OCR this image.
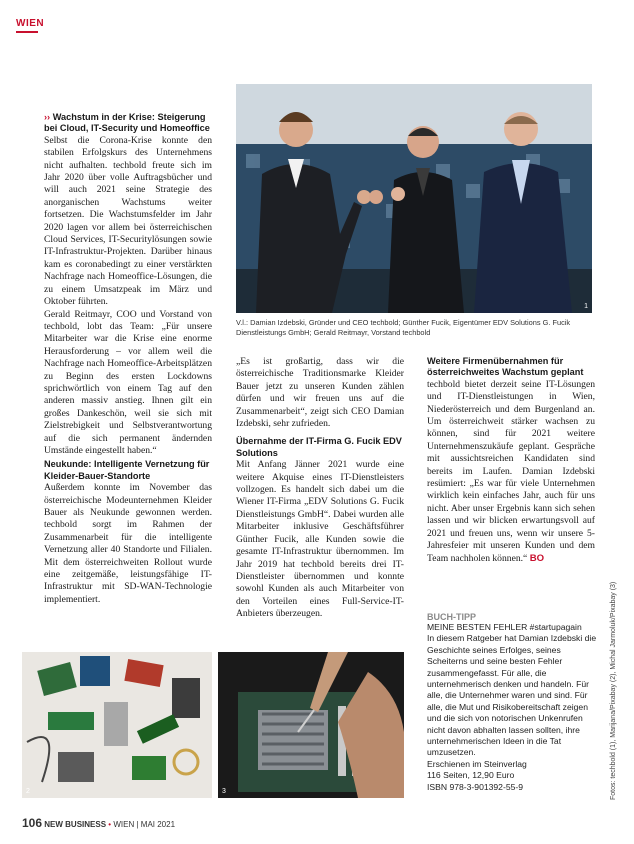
WIEN

›› Wachstum in der Krise: Steigerung bei Cloud, IT-Security und Homeoffice

Selbst die Corona-Krise konnte den stabilen Erfolgskurs des Unternehmens nicht aufhalten. techbold freute sich im Jahr 2020 über volle Auftragsbücher und will auch 2021 seine Strategie des anorganischen Wachstums weiter fortsetzen. Die Wachstumsfelder im Jahr 2020 lagen vor allem bei österreichischen Cloud Services, IT-Securitylösungen sowie IT-Infrastruktur-Projekten. Darüber hinaus kam es coronabedingt zu einer verstärkten Nachfrage nach Homeoffice-Lösungen, die zu einem Umsatzpeak im März und Oktober führten.

Gerald Reitmayr, COO und Vorstand von techbold, lobt das Team: „Für unsere Mitarbeiter war die Krise eine enorme Herausforderung – vor allem weil die Nachfrage nach Homeoffice-Arbeitsplätzen zu Beginn des ersten Lockdowns sprichwörtlich von einem Tag auf den anderen massiv anstieg. Ihnen gilt ein großes Dankeschön, weil sie sich mit Zielstrebigkeit und Selbstverantwortung auf die sich permanent ändernden Umstände eingestellt haben.“

Neukunde: Intelligente Vernetzung für Kleider-Bauer-Standorte

Außerdem konnte im November das österreichische Modeunternehmen Kleider Bauer als Neukunde gewonnen werden. techbold sorgt im Rahmen der Zusammenarbeit für die intelligente Vernetzung aller 40 Standorte und Filialen. Mit dem österreichweiten Rollout wurde eine zeitgemäße, leistungsfähige IT-Infrastruktur mit SD-WAN-Technologie implementiert.

1
V.l.: Damian Izdebski, Gründer und CEO techbold; Günther Fucik, Eigentümer EDV Solutions G. Fucik Dienstleistungs GmbH; Gerald Reitmayr, Vorstand techbold

„Es ist großartig, dass wir die österreichische Traditionsmarke Kleider Bauer jetzt zu unseren Kunden zählen dürfen und wir freuen uns auf die Zusammenarbeit“, zeigt sich CEO Damian Izdebski, sehr zufrieden.

Übernahme der IT-Firma G. Fucik EDV Solutions

Mit Anfang Jänner 2021 wurde eine weitere Akquise eines IT-Dienstleisters vollzogen. Es handelt sich dabei um die Wiener IT-Firma „EDV Solutions G. Fucik Dienstleistungs GmbH“. Dabei wurden alle Mitarbeiter inklusive Geschäftsführer Günther Fucik, alle Kunden sowie die gesamte IT-Infrastruktur übernommen. Im Jahr 2019 hat techbold bereits drei IT-Dienstleister übernommen und konnte sowohl Kunden als auch Mitarbeiter von den Vorteilen eines Full-Service-IT-Anbieters überzeugen.

Weitere Firmenübernahmen für österreichweites Wachstum geplant

techbold bietet derzeit seine IT-Lösungen und IT-Dienstleistungen in Wien, Niederösterreich und dem Burgenland an. Um österreichweit stärker wachsen zu können, sind für 2021 weitere Unternehmenszukäufe geplant. Gespräche mit aussichtsreichen Kandidaten sind bereits im Laufen. Damian Izdebski resümiert: „Es war für viele Unternehmen wirklich kein einfaches Jahr, auch für uns nicht. Aber unser Ergebnis kann sich sehen lassen und wir blicken erwartungsvoll auf 2021 und freuen uns, wenn wir unsere 5-Jahresfeier mit unseren Kunden und dem Team nachholen können.“ BO

BUCH-TIPP
MEINE BESTEN FEHLER #startupagain
In diesem Ratgeber hat Damian Izdebski die Geschichte seines Erfolges, seines Scheiterns und seine besten Fehler zusammengefasst. Für alle, die unternehmerisch denken und handeln. Für alle, die Unternehmer waren und sind. Für alle, die Mut und Risikobereitschaft zeigen und die sich von notorischen Unkenrufen nicht davon abhalten lassen sollten, ihre unternehmerischen Ideen in die Tat umzusetzen.
Erschienen im Steinverlag
116 Seiten, 12,90 Euro
ISBN 978-3-901392-55-9
2	3	Fotos: techbold (1), Marijana/Pixabay (2), Michal Jarmoluk/Pixabay (3)
106 NEW BUSINESS • WIEN | MAI 2021
